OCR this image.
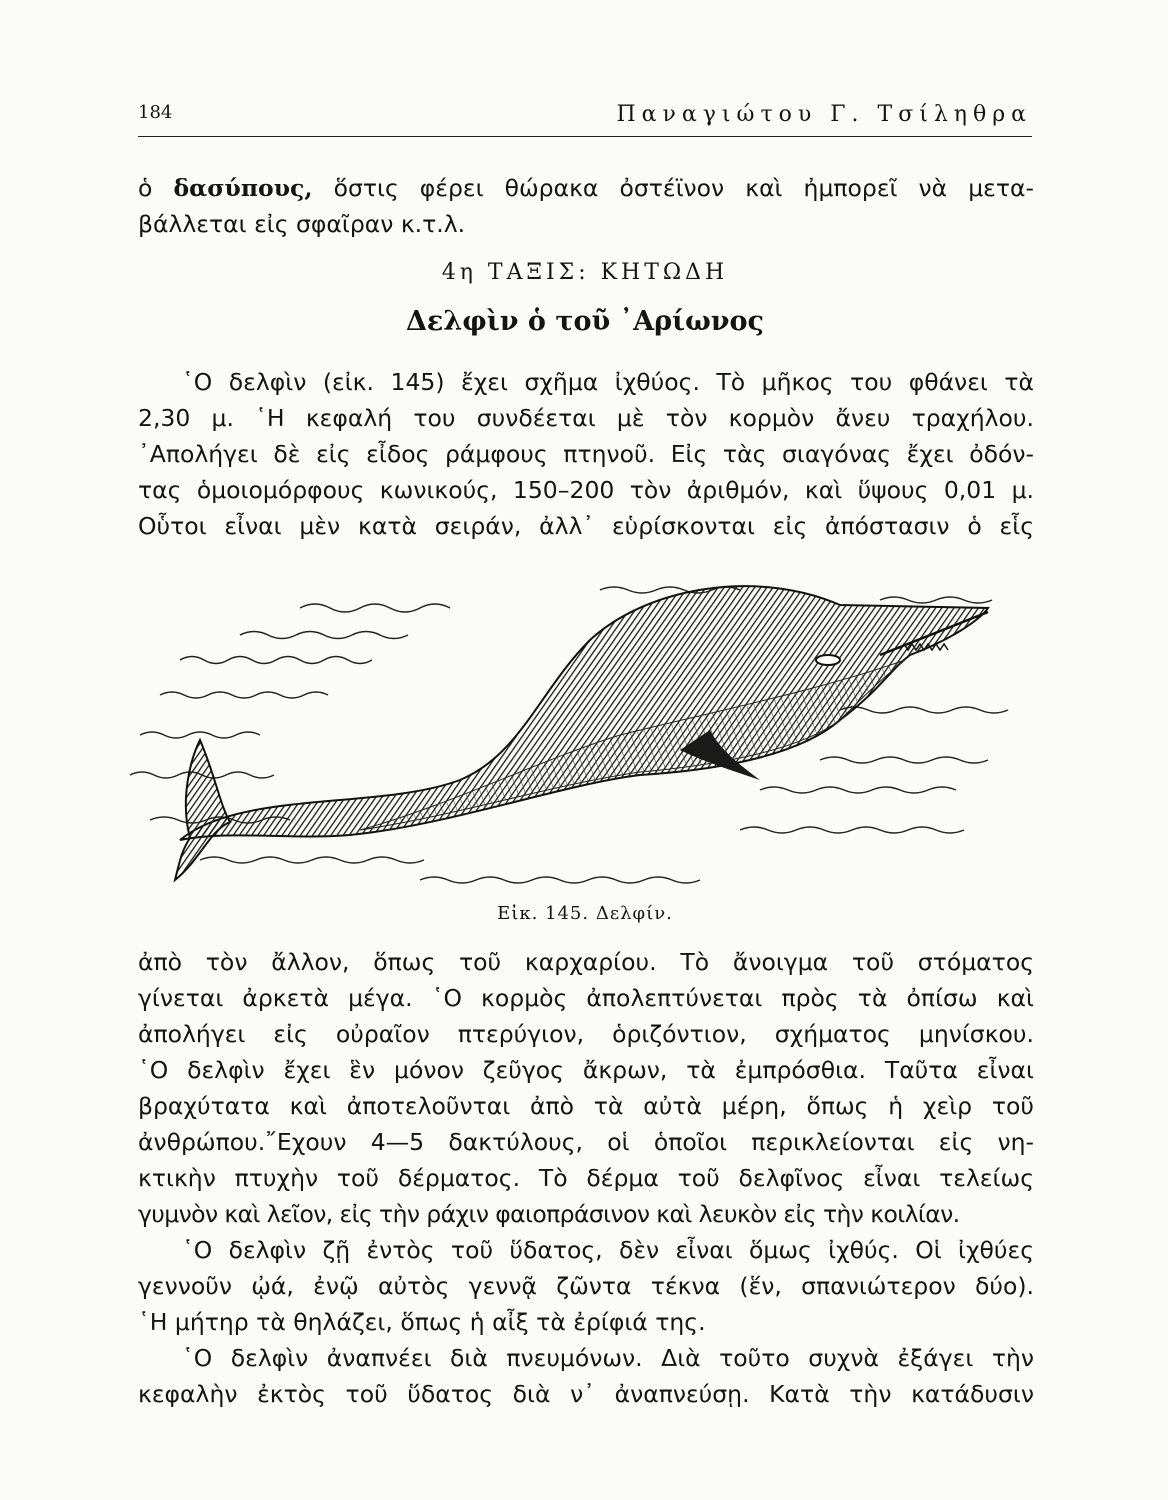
184	Παναγιώτου Γ. Τσίληθρα
ὁ δασύπους, ὅστις φέρει θώρακα ὀστέϊνον καὶ ἠμπορεῖ νὰ μετα-
βάλλεται εἰς σφαῖραν κ.τ.λ.
4η ΤΑΞΙΣ: ΚΗΤΩΔΗ
Δελφὶν ὁ τοῦ ᾽Αρίωνος
῾Ο δελφὶν (εἰκ. 145) ἔχει σχῆμα ἰχθύος. Τὸ μῆκος του φθάνει τὰ
2,30 μ. ῾Η κεφαλή του συνδέεται μὲ τὸν κορμὸν ἄνευ τραχήλου.
᾽Απολήγει δὲ εἰς εἶδος ράμφους πτηνοῦ. Εἰς τὰς σιαγόνας ἔχει ὀδόν-
τας ὁμοιομόρφους κωνικούς, 150–200 τὸν ἀριθμόν, καὶ ὕψους 0,01 μ.
Οὗτοι εἶναι μὲν κατὰ σειράν, ἀλλ᾽ εὑρίσκονται εἰς ἀπόστασιν ὁ εἷς
Εἰκ. 145. Δελφίν.
ἀπὸ τὸν ἄλλον, ὅπως τοῦ καρχαρίου. Τὸ ἄνοιγμα τοῦ στόματος
γίνεται ἀρκετὰ μέγα. ῾Ο κορμὸς ἀπολεπτύνεται πρὸς τὰ ὀπίσω καὶ
ἀπολήγει εἰς οὐραῖον πτερύγιον, ὁριζόντιον, σχήματος μηνίσκου.
῾Ο δελφὶν ἔχει ἓν μόνον ζεῦγος ἄκρων, τὰ ἐμπρόσθια. Ταῦτα εἶναι
βραχύτατα καὶ ἀποτελοῦνται ἀπὸ τὰ αὐτὰ μέρη, ὅπως ἡ χεὶρ τοῦ
ἀνθρώπου.῎Εχουν 4—5 δακτύλους, οἱ ὁποῖοι περικλείονται εἰς νη-
κτικὴν πτυχὴν τοῦ δέρματος. Τὸ δέρμα τοῦ δελφῖνος εἶναι τελείως
γυμνὸν καὶ λεῖον, εἰς τὴν ράχιν φαιοπράσινον καὶ λευκὸν εἰς τὴν κοιλίαν.
῾Ο δελφὶν ζῇ ἐντὸς τοῦ ὕδατος, δὲν εἶναι ὅμως ἰχθύς. Οἱ ἰχθύες
γεννοῦν ᾠά, ἐνῷ αὐτὸς γεννᾷ ζῶντα τέκνα (ἕν, σπανιώτερον δύο).
῾Η μήτηρ τὰ θηλάζει, ὅπως ἡ αἶξ τὰ ἐρίφιά της.
῾Ο δελφὶν ἀναπνέει διὰ πνευμόνων. Διὰ τοῦτο συχνὰ ἐξάγει τὴν
κεφαλὴν ἐκτὸς τοῦ ὕδατος διὰ ν᾽ ἀναπνεύσῃ. Κατὰ τὴν κατάδυσιν
